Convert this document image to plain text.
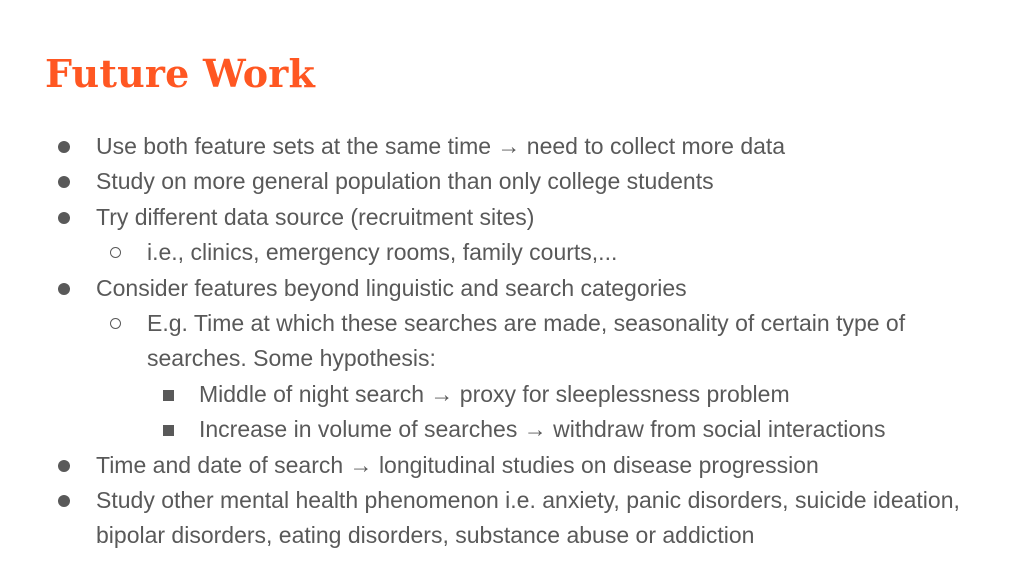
Future Work
Use both feature sets at the same time → need to collect more data
Study on more general population than only college students
Try different data source (recruitment sites)
i.e., clinics, emergency rooms, family courts,...
Consider features beyond linguistic and search categories
E.g. Time at which these searches are made, seasonality of certain type of searches. Some hypothesis:
Middle of night search → proxy for sleeplessness problem
Increase in volume of searches → withdraw from social interactions
Time and date of search → longitudinal studies on disease progression
Study other mental health phenomenon i.e. anxiety, panic disorders, suicide ideation, bipolar disorders, eating disorders, substance abuse or addiction
